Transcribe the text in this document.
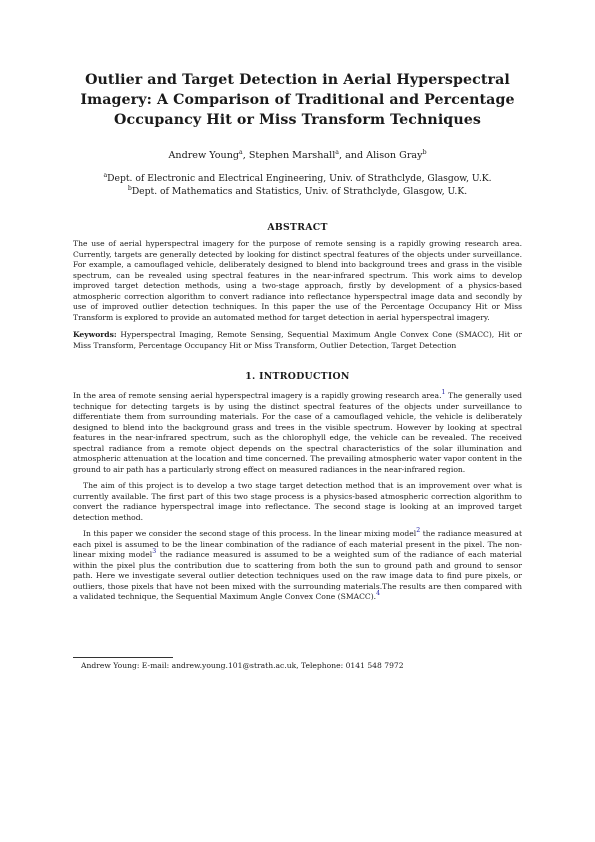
Outlier and Target Detection in Aerial Hyperspectral
Imagery: A Comparison of Traditional and Percentage
Occupancy Hit or Miss Transform Techniques
Andrew Young$^a$, Stephen Marshall$^a$, and Alison Gray$^b$
$^a$Dept. of Electronic and Electrical Engineering, Univ. of Strathclyde, Glasgow, U.K.
$^b$Dept. of Mathematics and Statistics, Univ. of Strathclyde, Glasgow, U.K.
ABSTRACT

The use of aerial hyperspectral imagery for the purpose of remote sensing is a rapidly growing research area. Currently, targets are generally detected by looking for distinct spectral features of the objects under surveillance. For example, a camouflaged vehicle, deliberately designed to blend into background trees and grass in the visible spectrum, can be revealed using spectral features in the near-infrared spectrum. This work aims to develop improved target detection methods, using a two-stage approach, firstly by development of a physics-based atmospheric correction algorithm to convert radiance into reflectance hyperspectral image data and secondly by use of improved outlier detection techniques. In this paper the use of the Percentage Occupancy Hit or Miss Transform is explored to provide an automated method for target detection in aerial hyperspectral imagery.

Keywords: Hyperspectral Imaging, Remote Sensing, Sequential Maximum Angle Convex Cone (SMACC), Hit or Miss Transform, Percentage Occupancy Hit or Miss Transform, Outlier Detection, Target Detection

1. INTRODUCTION

In the area of remote sensing aerial hyperspectral imagery is a rapidly growing research area.$^1$ The generally used technique for detecting targets is by using the distinct spectral features of the objects under surveillance to differentiate them from surrounding materials. For the case of a camouflaged vehicle, the vehicle is deliberately designed to blend into the background grass and trees in the visible spectrum. However by looking at spectral features in the near-infrared spectrum, such as the chlorophyll edge, the vehicle can be revealed. The received spectral radiance from a remote object depends on the spectral characteristics of the solar illumination and atmospheric attenuation at the location and time concerned. The prevailing atmospheric water vapor content in the ground to air path has a particularly strong effect on measured radiances in the near-infrared region.

The aim of this project is to develop a two stage target detection method that is an improvement over what is currently available. The first part of this two stage process is a physics-based atmospheric correction algorithm to convert the radiance hyperspectral image into reflectance. The second stage is looking at an improved target detection method.

In this paper we consider the second stage of this process. In the linear mixing model$^2$ the radiance measured at each pixel is assumed to be the linear combination of the radiance of each material present in the pixel. The non-linear mixing model$^3$ the radiance measured is assumed to be a weighted sum of the radiance of each material within the pixel plus the contribution due to scattering from both the sun to ground path and ground to sensor path. Here we investigate several outlier detection techniques used on the raw image data to find pure pixels, or outliers, those pixels that have not been mixed with the surrounding materials.The results are then compared with a validated technique, the Sequential Maximum Angle Convex Cone (SMACC).$^4$

Andrew Young: E-mail: andrew.young.101@strath.ac.uk, Telephone: 0141 548 7972
